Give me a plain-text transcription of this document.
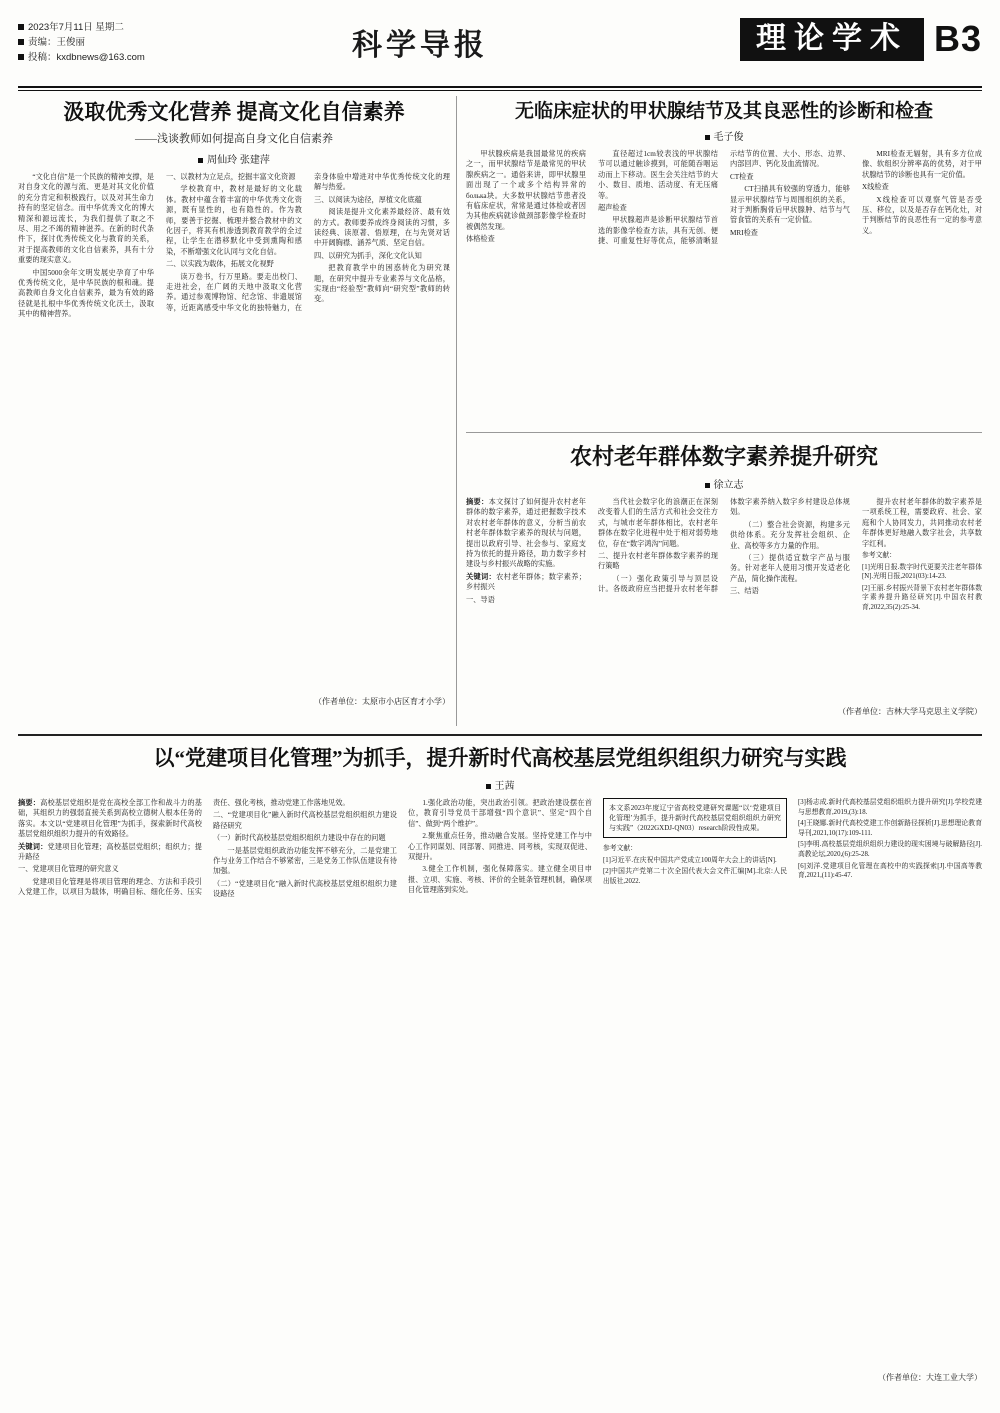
2023年7月11日 星期二
责编：王俊丽
投稿：kxdbnews@163.com	科学导报	理论学术 B3
汲取优秀文化营养 提高文化自信素养
——浅谈教师如何提高自身文化自信素养
周仙玲 张建萍

“文化自信”是一个民族的精神支撑，是对自身文化的源与流、更是对其文化价值的充分肯定和积极践行，以及对其生命力持有的坚定信念。而中华优秀文化的博大精深和源远流长，为我们提供了取之不尽、用之不竭的精神滋养。在新的时代条件下，探讨优秀传统文化与教育的关系，对于提高教师的文化自信素养，具有十分重要的现实意义。

中国5000余年文明发展史孕育了中华优秀传统文化，是中华民族的根和魂。提高教师自身文化自信素养，最为有效的路径就是扎根中华优秀传统文化沃土，汲取其中的精神营养。

一、以教材为立足点，挖掘丰富文化资源

学校教育中，教材是最好的文化载体。教材中蕴含着丰富的中华优秀文化资源，既有显性的，也有隐性的。作为教师，要善于挖掘、梳理并整合教材中的文化因子，将其有机渗透到教育教学的全过程，让学生在潜移默化中受到熏陶和感染，不断增强文化认同与文化自信。

二、以实践为载体，拓展文化视野

读万卷书，行万里路。要走出校门、走进社会，在广阔的天地中汲取文化营养。通过参观博物馆、纪念馆、非遗展馆等，近距离感受中华文化的独特魅力，在亲身体验中增进对中华优秀传统文化的理解与热爱。

三、以阅读为途径，厚植文化底蕴

阅读是提升文化素养最经济、最有效的方式。教师要养成终身阅读的习惯，多读经典、读原著、悟原理，在与先贤对话中开阔胸襟、涵养气质、坚定自信。

四、以研究为抓手，深化文化认知

把教育教学中的困惑转化为研究课题，在研究中提升专业素养与文化品格，实现由“经验型”教师向“研究型”教师的转变。

（作者单位：太原市小店区育才小学）
无临床症状的甲状腺结节及其良恶性的诊断和检查
毛子俊

甲状腺疾病是我国最常见的疾病之一，而甲状腺结节是最常见的甲状腺疾病之一。通俗来讲，即甲状腺里面出现了一个或多个结构异常的болька块。大多数甲状腺结节患者没有临床症状，常常是通过体检或者因为其他疾病就诊做颈部影像学检查时被偶然发现。

体格检查

直径超过1cm较表浅的甲状腺结节可以通过触诊摸到，可能随吞咽运动而上下移动。医生会关注结节的大小、数目、质地、活动度、有无压痛等。

超声检查

甲状腺超声是诊断甲状腺结节首选的影像学检查方法，具有无创、便捷、可重复性好等优点，能够清晰显示结节的位置、大小、形态、边界、内部回声、钙化及血流情况。

CT检查

CT扫描具有较强的穿透力，能够显示甲状腺结节与周围组织的关系，对于判断胸骨后甲状腺肿、结节与气管食管的关系有一定价值。

MRI检查

MRI检查无辐射，具有多方位成像、软组织分辨率高的优势，对于甲状腺结节的诊断也具有一定价值。

X线检查

X线检查可以观察气管是否受压、移位，以及是否存在钙化灶，对于判断结节的良恶性有一定的参考意义。

农村老年群体数字素养提升研究
徐立志

摘要：本文探讨了如何提升农村老年群体的数字素养，通过把握数字技术对农村老年群体的意义，分析当前农村老年群体数字素养的现状与问题，提出以政府引导、社会参与、家庭支持为依托的提升路径，助力数字乡村建设与乡村振兴战略的实施。

关键词：农村老年群体；数字素养；乡村振兴

一、导语

当代社会数字化的浪潮正在深刻改变着人们的生活方式和社会交往方式，与城市老年群体相比，农村老年群体在数字化进程中处于相对弱势地位，存在“数字鸿沟”问题。

二、提升农村老年群体数字素养的现行策略

（一）强化政策引导与顶层设计。各级政府应当把提升农村老年群体数字素养纳入数字乡村建设总体规划。

（二）整合社会资源，构建多元供给体系。充分发挥社会组织、企业、高校等多方力量的作用。

（三）提供适宜数字产品与服务。针对老年人使用习惯开发适老化产品，简化操作流程。

三、结语

提升农村老年群体的数字素养是一项系统工程，需要政府、社会、家庭和个人协同发力，共同推动农村老年群体更好地融入数字社会，共享数字红利。

参考文献：

[1]光明日报.数字时代更要关注老年群体[N].光明日报,2021(03):14-23.

[2]王丽.乡村振兴背景下农村老年群体数字素养提升路径研究[J].中国农村教育,2022,35(2):25-34.

（作者单位：吉林大学马克思主义学院）
以“党建项目化管理”为抓手，提升新时代高校基层党组织组织力研究与实践
王茜

摘要：高校基层党组织是党在高校全部工作和战斗力的基础，其组织力的强弱直接关系到高校立德树人根本任务的落实。本文以“党建项目化管理”为抓手，探索新时代高校基层党组织组织力提升的有效路径。

关键词：党建项目化管理；高校基层党组织；组织力；提升路径

一、党建项目化管理的研究意义

党建项目化管理是将项目管理的理念、方法和手段引入党建工作，以项目为载体，明确目标、细化任务、压实责任、强化考核，推动党建工作落地见效。

二、“党建项目化”融入新时代高校基层党组织组织力建设路径研究

（一）新时代高校基层党组织组织力建设中存在的问题

一是基层党组织政治功能发挥不够充分，二是党建工作与业务工作结合不够紧密，三是党务工作队伍建设有待加强。

（二）“党建项目化”融入新时代高校基层党组织组织力建设路径

1.强化政治功能，突出政治引领。把政治建设摆在首位，教育引导党员干部增强“四个意识”、坚定“四个自信”、做到“两个维护”。

2.聚焦重点任务，推动融合发展。坚持党建工作与中心工作同谋划、同部署、同推进、同考核，实现双促进、双提升。

3.健全工作机制，强化保障落实。建立健全项目申报、立项、实施、考核、评价的全链条管理机制，确保项目化管理落到实处。

本文系2023年度辽宁省高校党建研究课题“以‘党建项目化管理’为抓手，提升新时代高校基层党组织组织力研究与实践”（2022GXDJ-QN03）research阶段性成果。

参考文献：

[1]习近平.在庆祝中国共产党成立100周年大会上的讲话[N].

[2]中国共产党第二十次全国代表大会文件汇编[M].北京:人民出版社,2022.

[3]杨志成.新时代高校基层党组织组织力提升研究[J].学校党建与思想教育,2019,(3):18.

[4]王晓娜.新时代高校党建工作创新路径探析[J].思想理论教育导刊,2021,10(17):109-111.

[5]李明.高校基层党组织组织力建设的现实困境与破解路径[J].高教论坛,2020,(6):25-28.

[6]刘洋.党建项目化管理在高校中的实践探索[J].中国高等教育,2021,(11):45-47.

（作者单位：大连工业大学）
